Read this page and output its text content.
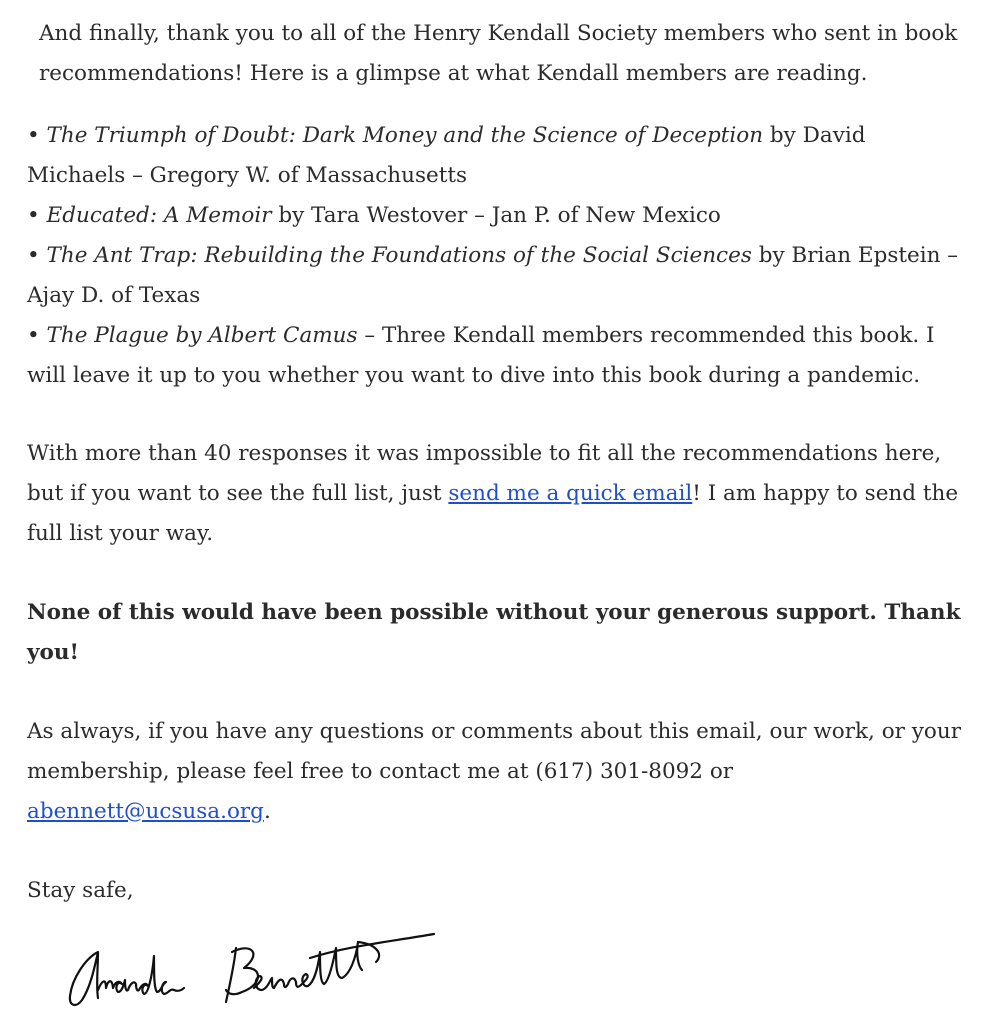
And finally, thank you to all of the Henry Kendall Society members who sent in book recommendations! Here is a glimpse at what Kendall members are reading.

• The Triumph of Doubt: Dark Money and the Science of Deception by David Michaels – Gregory W. of Massachusetts
• Educated: A Memoir by Tara Westover – Jan P. of New Mexico
• The Ant Trap: Rebuilding the Foundations of the Social Sciences by Brian Epstein – Ajay D. of Texas
• The Plague by Albert Camus – Three Kendall members recommended this book. I will leave it up to you whether you want to dive into this book during a pandemic.

With more than 40 responses it was impossible to fit all the recommendations here, but if you want to see the full list, just send me a quick email! I am happy to send the full list your way.

None of this would have been possible without your generous support. Thank you!

As always, if you have any questions or comments about this email, our work, or your membership, please feel free to contact me at (617) 301-8092 or abennett@ucsusa.org.

Stay safe,
